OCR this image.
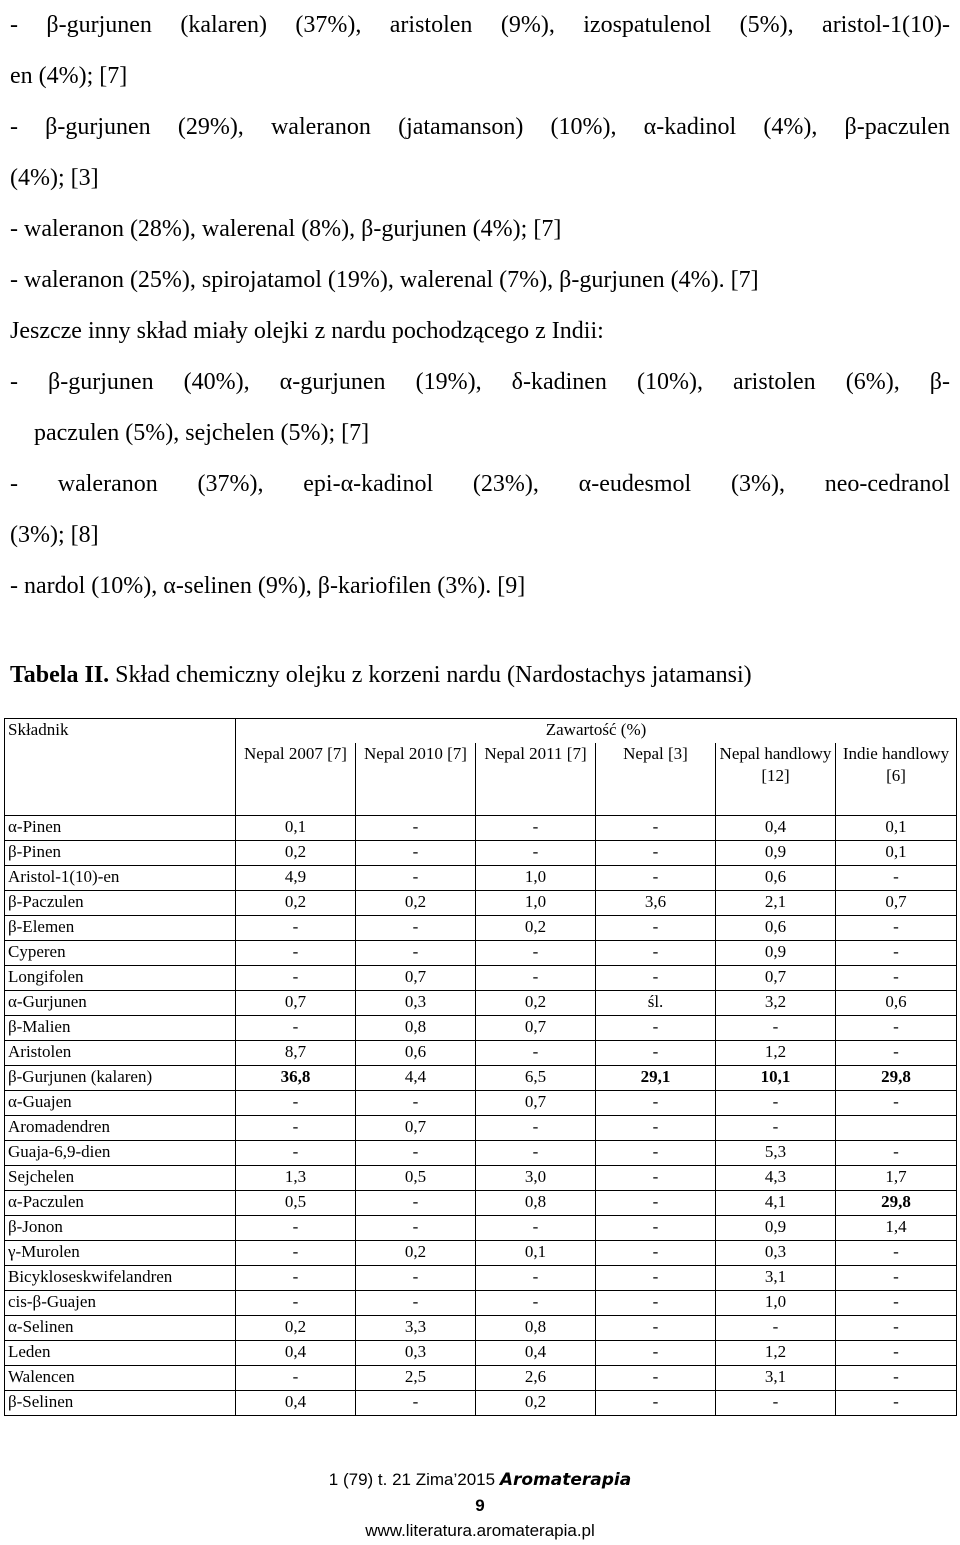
- β-gurjunen (kalaren) (37%), aristolen (9%), izospatulenol (5%), aristol-1(10)-
en (4%); [7]
- β-gurjunen (29%), waleranon (jatamanson) (10%), α-kadinol (4%), β-paczulen
(4%); [3]
- waleranon (28%), walerenal (8%), β-gurjunen (4%); [7]
- waleranon (25%), spirojatamol (19%), walerenal (7%), β-gurjunen (4%). [7]
Jeszcze inny skład miały olejki z nardu pochodzącego z Indii:
- β-gurjunen (40%), α-gurjunen (19%), δ-kadinen (10%), aristolen (6%), β-
paczulen (5%), sejchelen (5%); [7]
- waleranon (37%), epi-α-kadinol (23%), α-eudesmol (3%), neo-cedranol
(3%); [8]
- nardol (10%), α-selinen (9%), β-kariofilen (3%). [9]
Tabela II. Skład chemiczny olejku z korzeni nardu (Nardostachys jatamansi)
Składnik	Zawartość (%)					
	Nepal 2007 [7]	Nepal 2010 [7]	Nepal 2011 [7]	Nepal [3]	Nepal handlowy [12]	Indie handlowy [6]
α-Pinen	0,1	-	-	-	0,4	0,1
β-Pinen	0,2	-	-	-	0,9	0,1
Aristol-1(10)-en	4,9	-	1,0	-	0,6	-
β-Paczulen	0,2	0,2	1,0	3,6	2,1	0,7
β-Elemen	-	-	0,2	-	0,6	-
Cyperen	-	-	-	-	0,9	-
Longifolen	-	0,7	-	-	0,7	-
α-Gurjunen	0,7	0,3	0,2	śl.	3,2	0,6
β-Malien	-	0,8	0,7	-	-	-
Aristolen	8,7	0,6	-	-	1,2	-
β-Gurjunen (kalaren)	36,8	4,4	6,5	29,1	10,1	29,8
α-Guajen	-	-	0,7	-	-	-
Aromadendren	-	0,7	-	-	-	
Guaja-6,9-dien	-	-	-	-	5,3	-
Sejchelen	1,3	0,5	3,0	-	4,3	1,7
α-Paczulen	0,5	-	0,8	-	4,1	29,8
β-Jonon	-	-	-	-	0,9	1,4
γ-Murolen	-	0,2	0,1	-	0,3	-
Bicykloseskwifelandren	-	-	-	-	3,1	-
cis-β-Guajen	-	-	-	-	1,0	-
α-Selinen	0,2	3,3	0,8	-	-	-
Leden	0,4	0,3	0,4	-	1,2	-
Walencen	-	2,5	2,6	-	3,1	-
β-Selinen	0,4	-	0,2	-	-	-
1 (79) t. 21 Zima’2015 Aromaterapia
9
www.literatura.aromaterapia.pl
